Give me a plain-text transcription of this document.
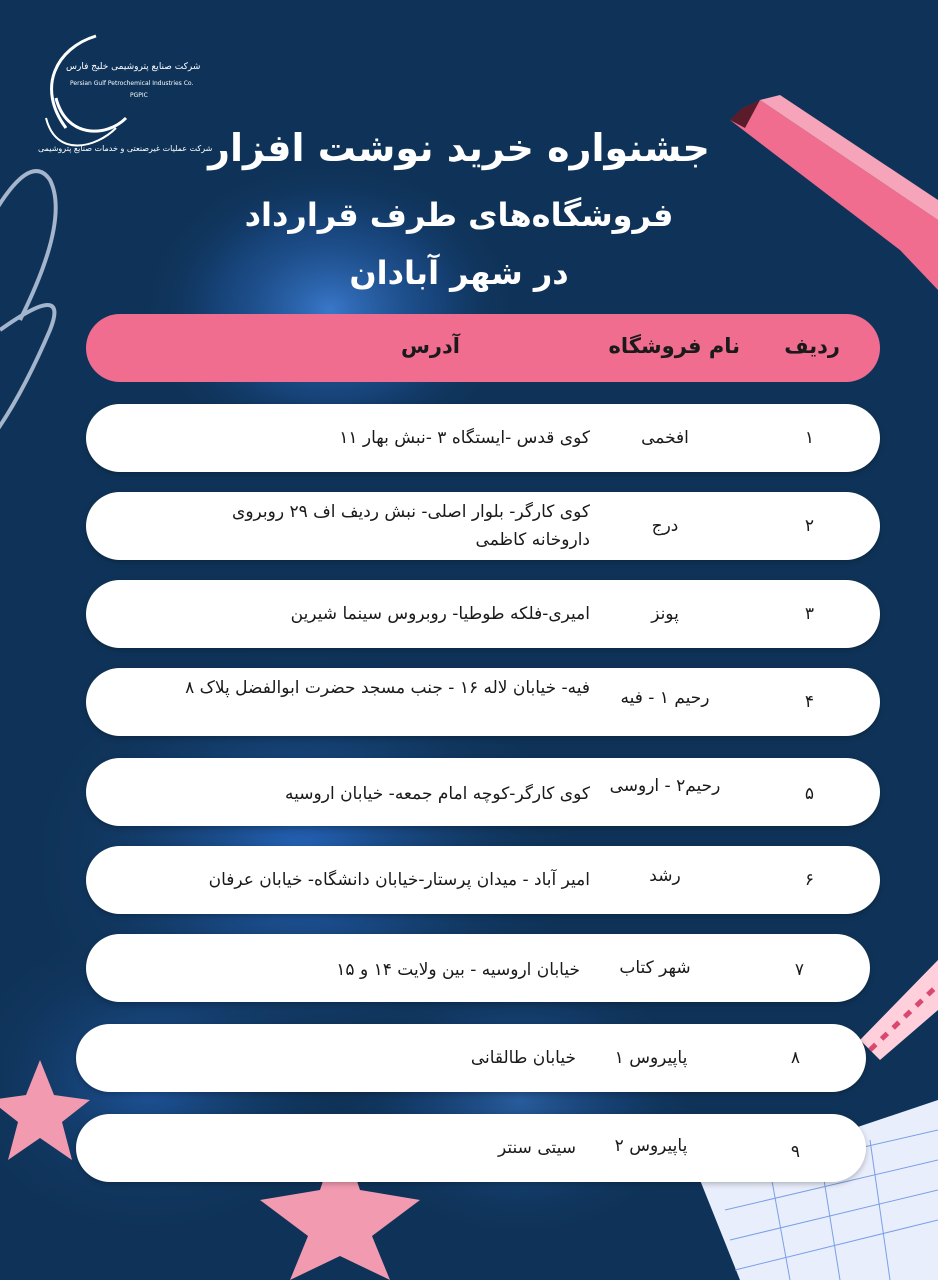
شرکت صنایع پتروشیمی خلیج فارس
Persian Gulf Petrochemical Industries Co.
PGPIC
شرکت عملیات غیرصنعتی و خدمات صنایع پتروشیمی
جشنواره خرید نوشت افزار
فروشگاه‌های طرف قرارداد
در شهر آبادان
ردیف
نام فروشگاه
آدرس
۱
افخمی
کوی قدس -ایستگاه ۳ -نبش بهار ۱۱
۲
درج
کوی کارگر- بلوار اصلی- نبش ردیف اف ۲۹ روبروی داروخانه کاظمی
۳
پونز
امیری-فلکه طوطیا- روبروس سینما شیرین
۴
رحیم ۱ - فیه
فیه- خیابان لاله ۱۶ - جنب مسجد حضرت ابوالفضل پلاک ۸
۵
رحیم۲ - اروسی
کوی کارگر-کوچه امام جمعه- خیابان اروسیه
۶
رشد
امیر آباد - میدان پرستار-خیابان دانشگاه- خیابان عرفان
۷
شهر کتاب
خیابان اروسیه - بین ولایت ۱۴ و ۱۵
۸
پاپیروس ۱
خیابان طالقانی
۹
پاپیروس ۲
سیتی سنتر
